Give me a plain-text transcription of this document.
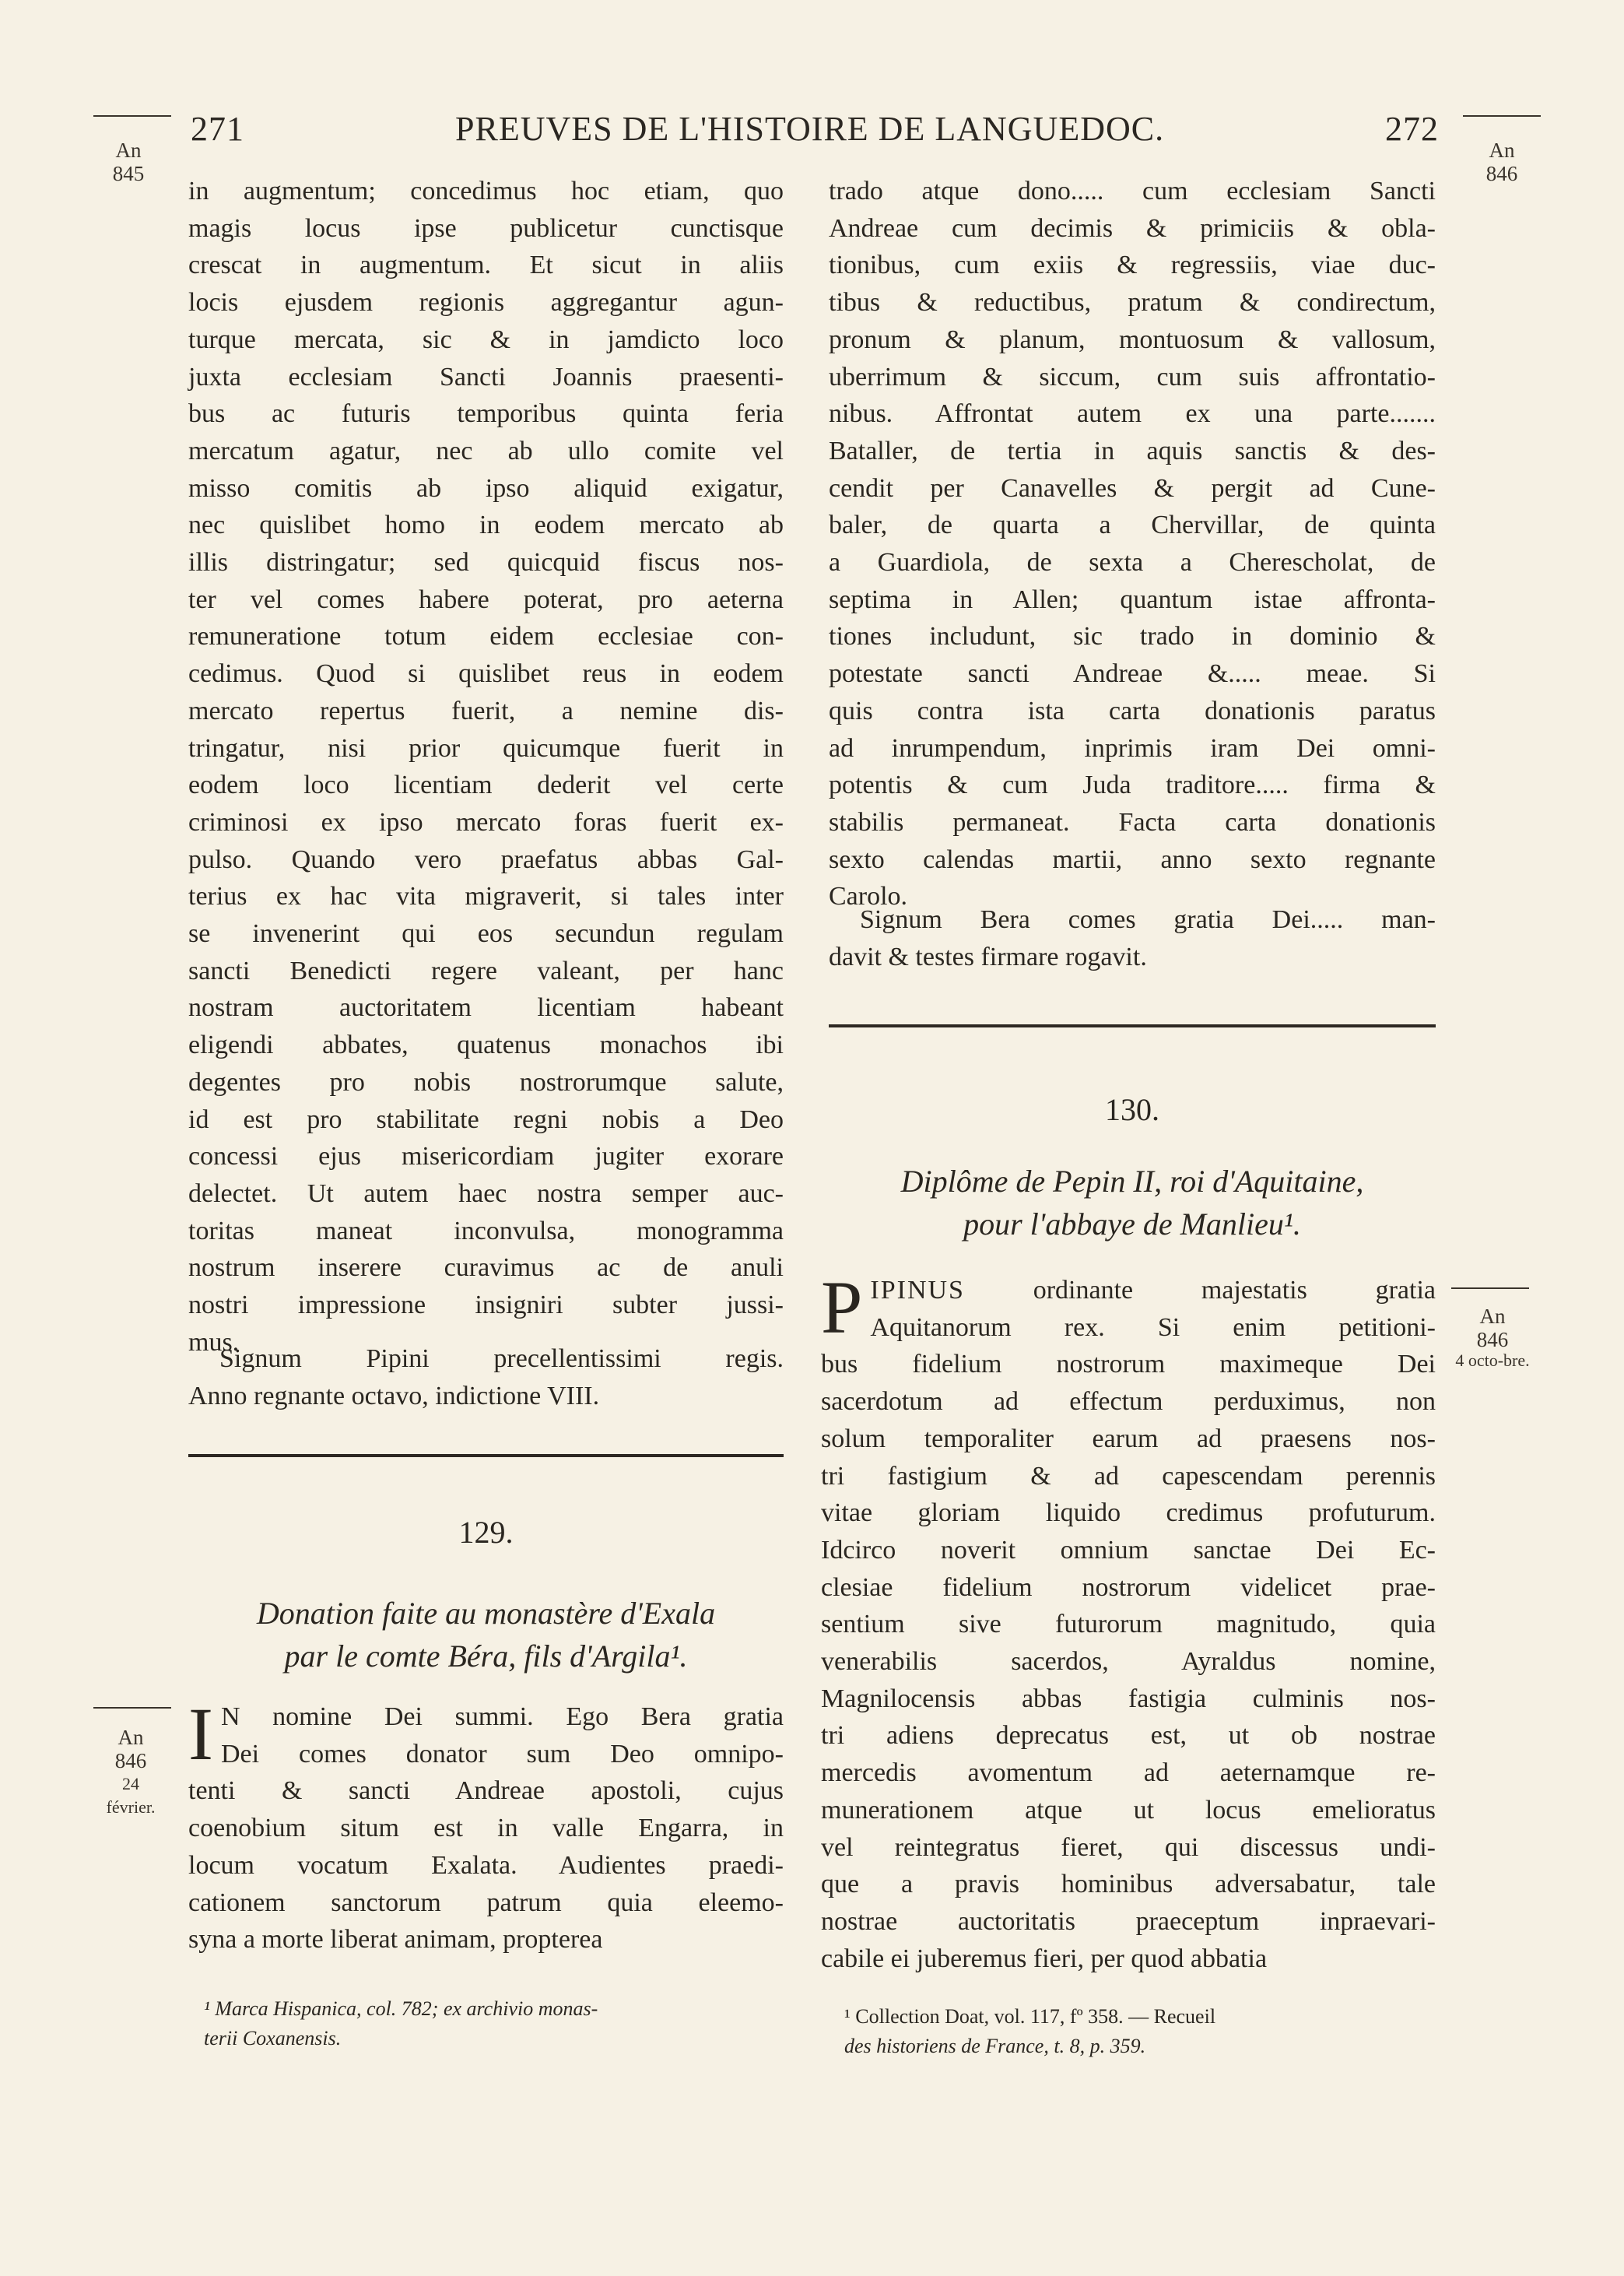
271	PREUVES DE L'HISTOIRE DE LANGUEDOC.	272
An
845
An
846
in augmentum; concedimus hoc etiam, quo
magis locus ipse publicetur cunctisque
crescat in augmentum. Et sicut in aliis
locis ejusdem regionis aggregantur agun-
turque mercata, sic & in jamdicto loco
juxta ecclesiam Sancti Joannis praesenti-
bus ac futuris temporibus quinta feria
mercatum agatur, nec ab ullo comite vel
misso comitis ab ipso aliquid exigatur,
nec quislibet homo in eodem mercato ab
illis distringatur; sed quicquid fiscus nos-
ter vel comes habere poterat, pro aeterna
remuneratione totum eidem ecclesiae con-
cedimus. Quod si quislibet reus in eodem
mercato repertus fuerit, a nemine dis-
tringatur, nisi prior quicumque fuerit in
eodem loco licentiam dederit vel certe
criminosi ex ipso mercato foras fuerit ex-
pulso. Quando vero praefatus abbas Gal-
terius ex hac vita migraverit, si tales inter
se invenerint qui eos secundun regulam
sancti Benedicti regere valeant, per hanc
nostram auctoritatem licentiam habeant
eligendi abbates, quatenus monachos ibi
degentes pro nobis nostrorumque salute,
id est pro stabilitate regni nobis a Deo
concessi ejus misericordiam jugiter exorare
delectet. Ut autem haec nostra semper auc-
toritas maneat inconvulsa, monogramma
nostrum inserere curavimus ac de anuli
nostri impressione insigniri subter jussi-
mus.
Signum Pipini precellentissimi regis.
Anno regnante octavo, indictione VIII.
129.
Donation faite au monastère d'Exala
par le comte Béra, fils d'Argila¹.
An
846
24
février.
I N nomine Dei summi. Ego Bera gratia
Dei comes donator sum Deo omnipo-
tenti & sancti Andreae apostoli, cujus
coenobium situm est in valle Engarra, in
locum vocatum Exalata. Audientes praedi-
cationem sanctorum patrum quia eleemo-
syna a morte liberat animam, propterea
¹ Marca Hispanica, col. 782; ex archivio monas-
terii Coxanensis.
trado atque dono..... cum ecclesiam Sancti
Andreae cum decimis & primiciis & obla-
tionibus, cum exiis & regressiis, viae duc-
tibus & reductibus, pratum & condirectum,
pronum & planum, montuosum & vallosum,
uberrimum & siccum, cum suis affrontatio-
nibus. Affrontat autem ex una parte.......
Bataller, de tertia in aquis sanctis & des-
cendit per Canavelles & pergit ad Cune-
baler, de quarta a Chervillar, de quinta
a Guardiola, de sexta a Cherescholat, de
septima in Allen; quantum istae affronta-
tiones includunt, sic trado in dominio &
potestate sancti Andreae &..... meae. Si
quis contra ista carta donationis paratus
ad inrumpendum, inprimis iram Dei omni-
potentis & cum Juda traditore..... firma &
stabilis permaneat. Facta carta donationis
sexto calendas martii, anno sexto regnante
Carolo.
Signum Bera comes gratia Dei..... man-
davit & testes firmare rogavit.
130.
Diplôme de Pepin II, roi d'Aquitaine,
pour l'abbaye de Manlieu¹.
An
846
4 octo-bre.
P IPINUS	ordinante majestatis gratia
Aquitanorum rex. Si enim petitioni-
bus fidelium nostrorum maximeque Dei
sacerdotum ad effectum perduximus, non
solum temporaliter earum ad praesens nos-
tri fastigium & ad capescendam perennis
vitae gloriam liquido credimus profuturum.
Idcirco noverit omnium sanctae Dei Ec-
clesiae fidelium nostrorum videlicet prae-
sentium sive futurorum magnitudo, quia
venerabilis sacerdos, Ayraldus nomine,
Magnilocensis abbas fastigia culminis nos-
tri adiens deprecatus est, ut ob nostrae
mercedis avomentum ad aeternamque re-
munerationem atque ut locus emelioratus
vel reintegratus fieret, qui discessus undi-
que a pravis hominibus adversabatur, tale
nostrae auctoritatis praeceptum inpraevari-
cabile ei juberemus fieri, per quod abbatia
¹ Collection Doat, vol. 117, fº 358. — Recueil
des historiens de France, t. 8, p. 359.
